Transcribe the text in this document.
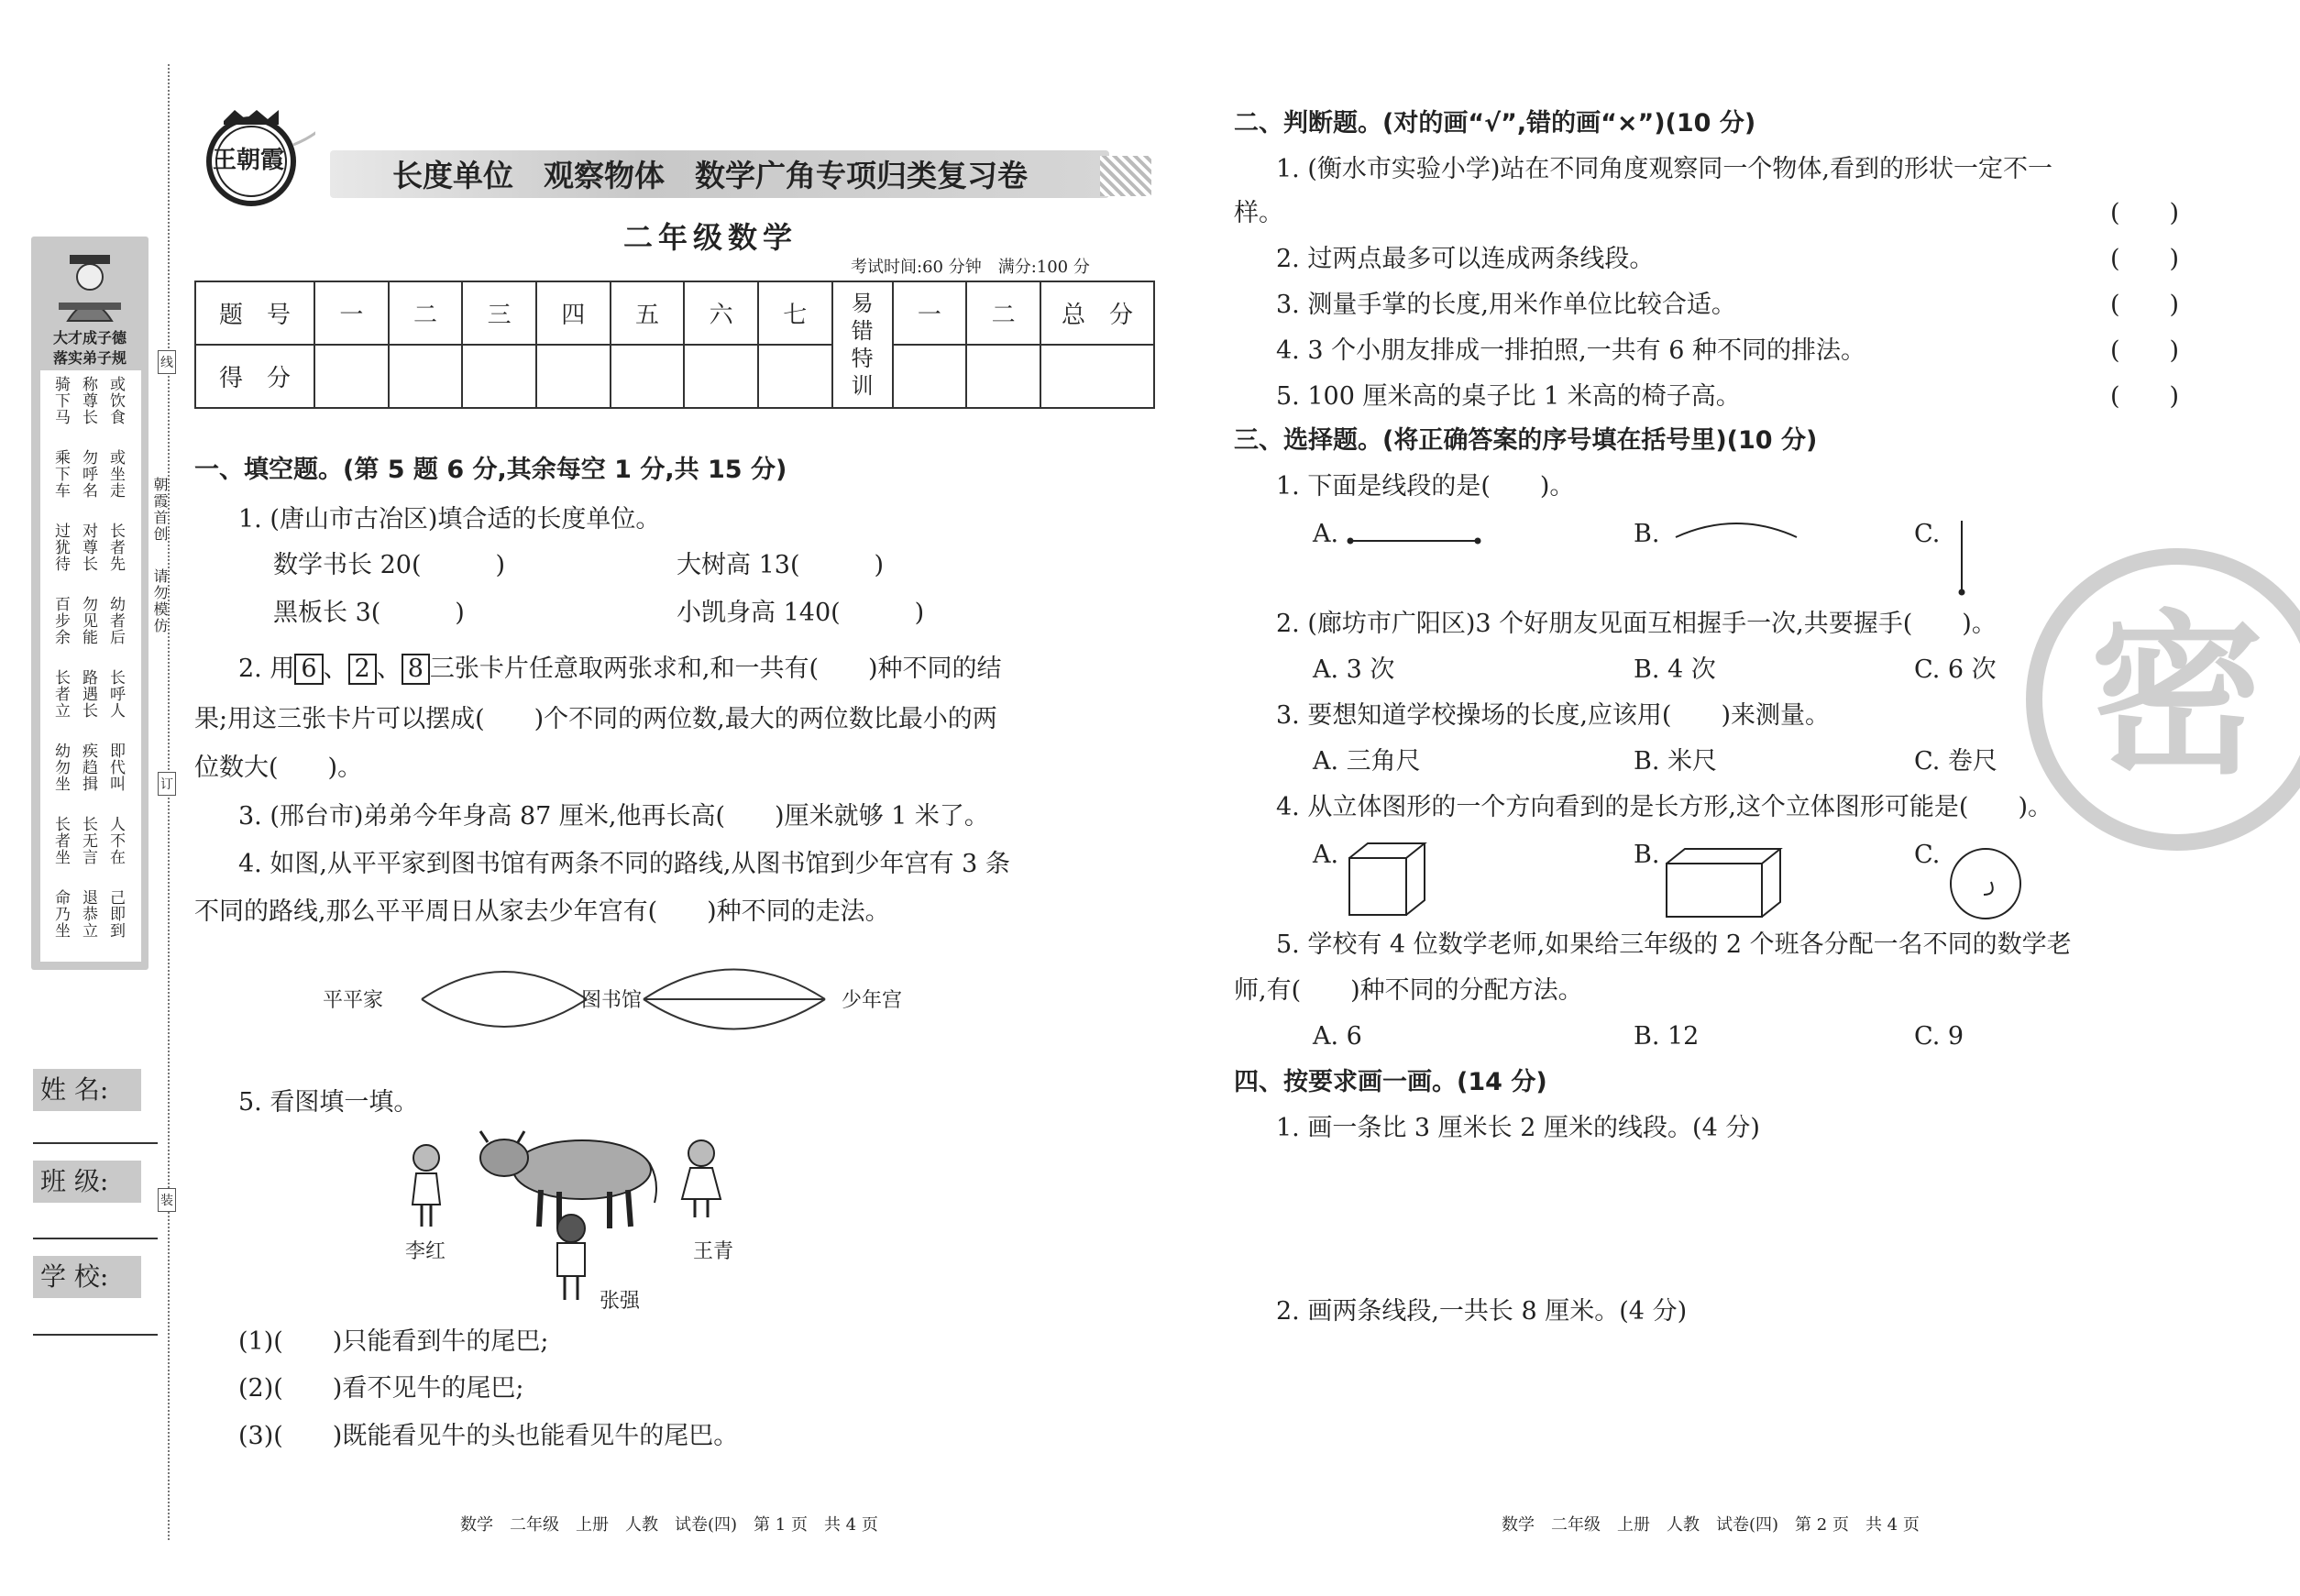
大才成子德
落实弟子规
骑下马 称尊长 或饮食
乘下车 勿呼名 或坐走
过犹待 对尊长 长者先
百步余 勿见能 幼者后
长者立 路遇长 长呼人
幼勿坐 疾趋揖 即代叫
长者坐 长无言 人不在
命乃坐 退恭立 己即到
朝霞首创
请勿模仿
线
订
装
姓 名:
班 级:
学 校:
王朝霞	长度单位　观察物体　数学广角专项归类复习卷
二年级数学
考试时间:60 分钟　满分:100 分
题　号	一	二	三	四	五	六	七	易错特训	一	二	总　分
得　分											
一、填空题。(第 5 题 6 分,其余每空 1 分,共 15 分)
1. (唐山市古冶区)填合适的长度单位。
数学书长 20(　　　)	大树高 13(　　　)
黑板长 3(　　　)	小凯身高 140(　　　)
2. 用 6 、 2 、 8 三张卡片任意取两张求和,和一共有(　　)种不同的结
果;用这三张卡片可以摆成(　　)个不同的两位数,最大的两位数比最小的两
位数大(　　)。
3. (邢台市)弟弟今年身高 87 厘米,他再长高(　　)厘米就够 1 米了。
4. 如图,从平平家到图书馆有两条不同的路线,从图书馆到少年宫有 3 条
不同的路线,那么平平周日从家去少年宫有(　　)种不同的走法。
平平家	图书馆	少年宫
5. 看图填一填。
李红	王青
张强
(1)(　　)只能看到牛的尾巴;
(2)(　　)看不见牛的尾巴;
(3)(　　)既能看见牛的头也能看见牛的尾巴。
数学　二年级　上册　人教　试卷(四)　第 1 页　共 4 页
密
二、判断题。(对的画“√”,错的画“×”)(10 分)
1. (衡水市实验小学)站在不同角度观察同一个物体,看到的形状一定不一
样。	(　　)
2. 过两点最多可以连成两条线段。	(　　)
3. 测量手掌的长度,用米作单位比较合适。	(　　)
4. 3 个小朋友排成一排拍照,一共有 6 种不同的排法。	(　　)
5. 100 厘米高的桌子比 1 米高的椅子高。	(　　)
三、选择题。(将正确答案的序号填在括号里)(10 分)
1. 下面是线段的是(　　)。
A.	B.	C.
2. (廊坊市广阳区)3 个好朋友见面互相握手一次,共要握手(　　)。
A. 3 次	B. 4 次	C. 6 次
3. 要想知道学校操场的长度,应该用(　　)来测量。
A. 三角尺	B. 米尺	C. 卷尺
4. 从立体图形的一个方向看到的是长方形,这个立体图形可能是(　　)。
A.	B.	C.
5. 学校有 4 位数学老师,如果给三年级的 2 个班各分配一名不同的数学老
师,有(　　)种不同的分配方法。
A. 6	B. 12	C. 9
四、按要求画一画。(14 分)
1. 画一条比 3 厘米长 2 厘米的线段。(4 分)
2. 画两条线段,一共长 8 厘米。(4 分)
数学　二年级　上册　人教　试卷(四)　第 2 页　共 4 页
